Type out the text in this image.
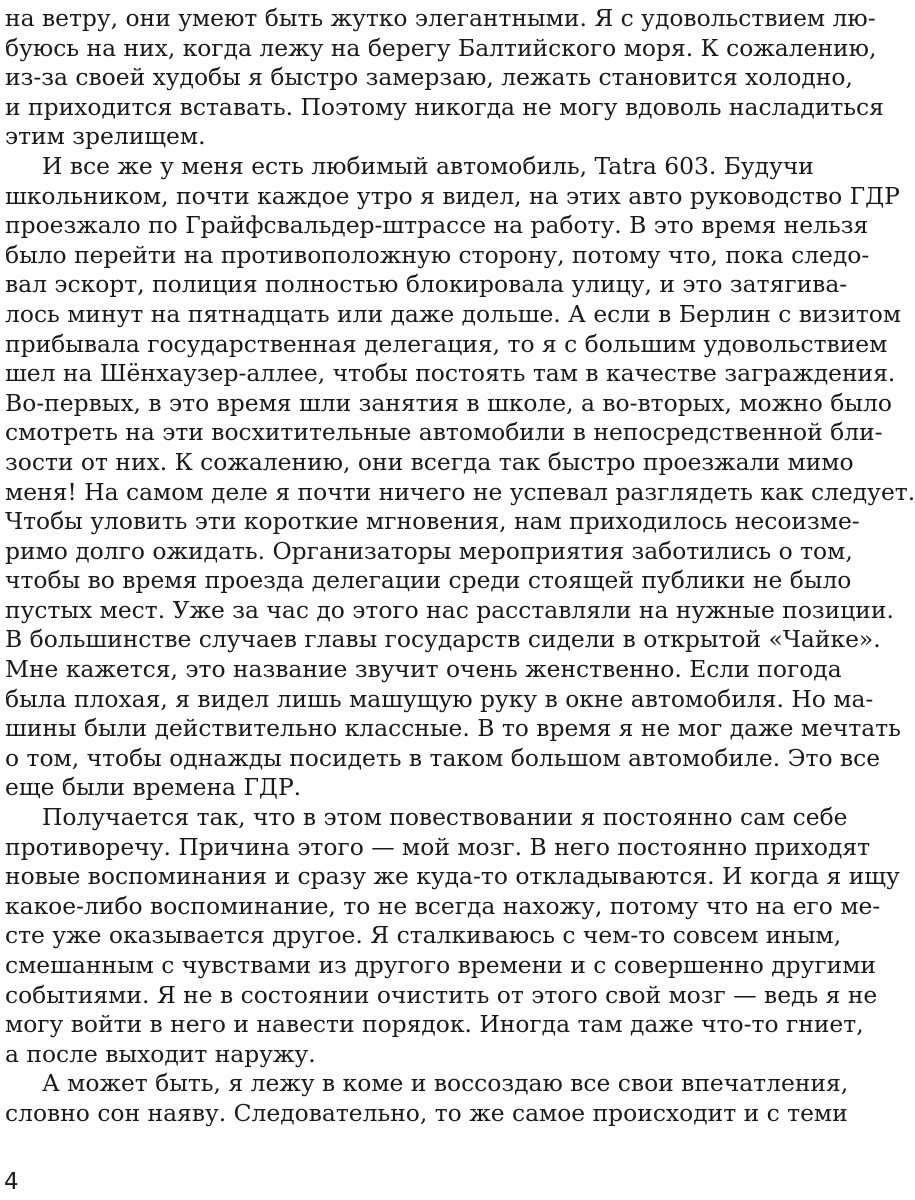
на ветру, они умеют быть жутко элегантными. Я с удовольствием лю-
буюсь на них, когда лежу на берегу Балтийского моря. К сожалению,
из-за своей худобы я быстро замерзаю, лежать становится холодно,
и приходится вставать. Поэтому никогда не могу вдоволь насладиться
этим зрелищем.
И все же у меня есть любимый автомобиль, Tatra 603. Будучи
школьником, почти каждое утро я видел, на этих авто руководство ГДР
проезжало по Грайфсвальдер-штрассе на работу. В это время нельзя
было перейти на противоположную сторону, потому что, пока следо-
вал эскорт, полиция полностью блокировала улицу, и это затягива-
лось минут на пятнадцать или даже дольше. А если в Берлин с визитом
прибывала государственная делегация, то я с большим удовольствием
шел на Шёнхаузер-аллее, чтобы постоять там в качестве заграждения.
Во-первых, в это время шли занятия в школе, а во-вторых, можно было
смотреть на эти восхитительные автомобили в непосредственной бли-
зости от них. К сожалению, они всегда так быстро проезжали мимо
меня! На самом деле я почти ничего не успевал разглядеть как следует.
Чтобы уловить эти короткие мгновения, нам приходилось несоизме-
римо долго ожидать. Организаторы мероприятия заботились о том,
чтобы во время проезда делегации среди стоящей публики не было
пустых мест. Уже за час до этого нас расставляли на нужные позиции.
В большинстве случаев главы государств сидели в открытой «Чайке».
Мне кажется, это название звучит очень женственно. Если погода
была плохая, я видел лишь машущую руку в окне автомобиля. Но ма-
шины были действительно классные. В то время я не мог даже мечтать
о том, чтобы однажды посидеть в таком большом автомобиле. Это все
еще были времена ГДР.
Получается так, что в этом повествовании я постоянно сам себе
противоречу. Причина этого — мой мозг. В него постоянно приходят
новые воспоминания и сразу же куда-то откладываются. И когда я ищу
какое-либо воспоминание, то не всегда нахожу, потому что на его ме-
сте уже оказывается другое. Я сталкиваюсь с чем-то совсем иным,
смешанным с чувствами из другого времени и с совершенно другими
событиями. Я не в состоянии очистить от этого свой мозг — ведь я не
могу войти в него и навести порядок. Иногда там даже что-то гниет,
а после выходит наружу.
А может быть, я лежу в коме и воссоздаю все свои впечатления,
словно сон наяву. Следовательно, то же самое происходит и с теми
4
